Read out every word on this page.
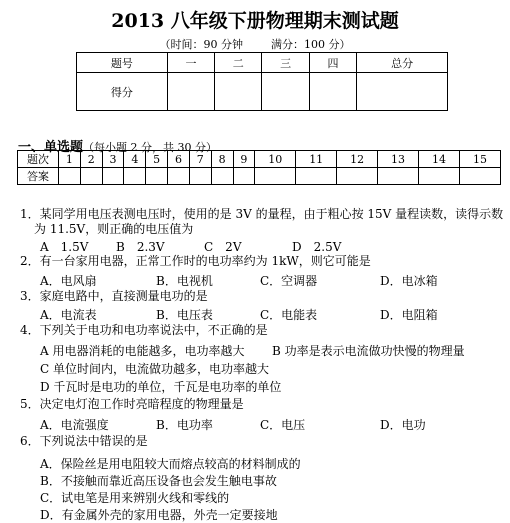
2013 八年级下册物理期末测试题
（时间：90 分钟	满分：100 分）
题号	一	二	三	四	总分
得分					
一、单选题（每小题 2 分，共 30 分）
题次	1	2	3	4	5	6	7	8	9	10	11	12	13	14	15
答案															
1．某同学用电压表测电压时，使用的是 3V 的量程，由于粗心按 15V 量程读数，读得示数
为 11.5V，则正确的电压值为
A　1.5V B　2.3V	C　2V	D　2.5V
2．有一台家用电器，正常工作时的电功率约为 1kW，则它可能是
A．电风扇	B．电视机	C．空调器	D．电冰箱
3．家庭电路中，直接测量电功的是
A．电流表	B．电压表	C．电能表	D．电阻箱
4．下列关于电功和电功率说法中，不正确的是
A 用电器消耗的电能越多，电功率越大 B 功率是表示电流做功快慢的物理量
C 单位时间内，电流做功越多，电功率越大
D 千瓦时是电功的单位，千瓦是电功率的单位
5．决定电灯泡工作时亮暗程度的物理量是
A．电流强度	B．电功率	C．电压	D．电功
6．下列说法中错误的是
A．保险丝是用电阻较大而熔点较高的材料制成的
B．不接触而靠近高压设备也会发生触电事故
C．试电笔是用来辨别火线和零线的
D．有金属外壳的家用电器，外壳一定要接地
